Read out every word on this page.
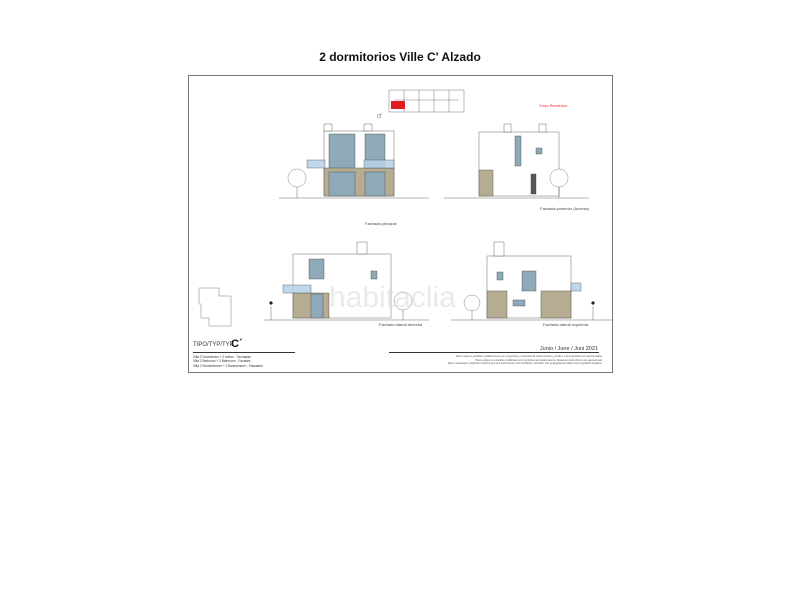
2 dormitorios Ville C' Alzado
Grupo Residencia
Fachada principal
Fachada posterior (Acceso)
Fachada lateral derecha	Fachada lateral izquierda
habitaclia
TIPO/TYP/TYP
C´
Villa 2 Dormitorios + 2 baños - Fachadas
Villa 2 Bedroom + 2 Bathroom - Facades
Villa 2 Schlafzimmer + 2 Badezimmer - Fassaden
Junio / June / Juni 2021
Plano sujeto a posibles modificaciones por exigencias y requisitos de orden técnico y jurídico. Las superficies son aproximadas
Plans subject to possible modifications for technical and legal reasons. Measurements shown are approximate
Plans unterliegen möglichen Änderungen aus technischen und rechtlichen Gründen. Die angegebenen Maße sind ungefähre Angaben
